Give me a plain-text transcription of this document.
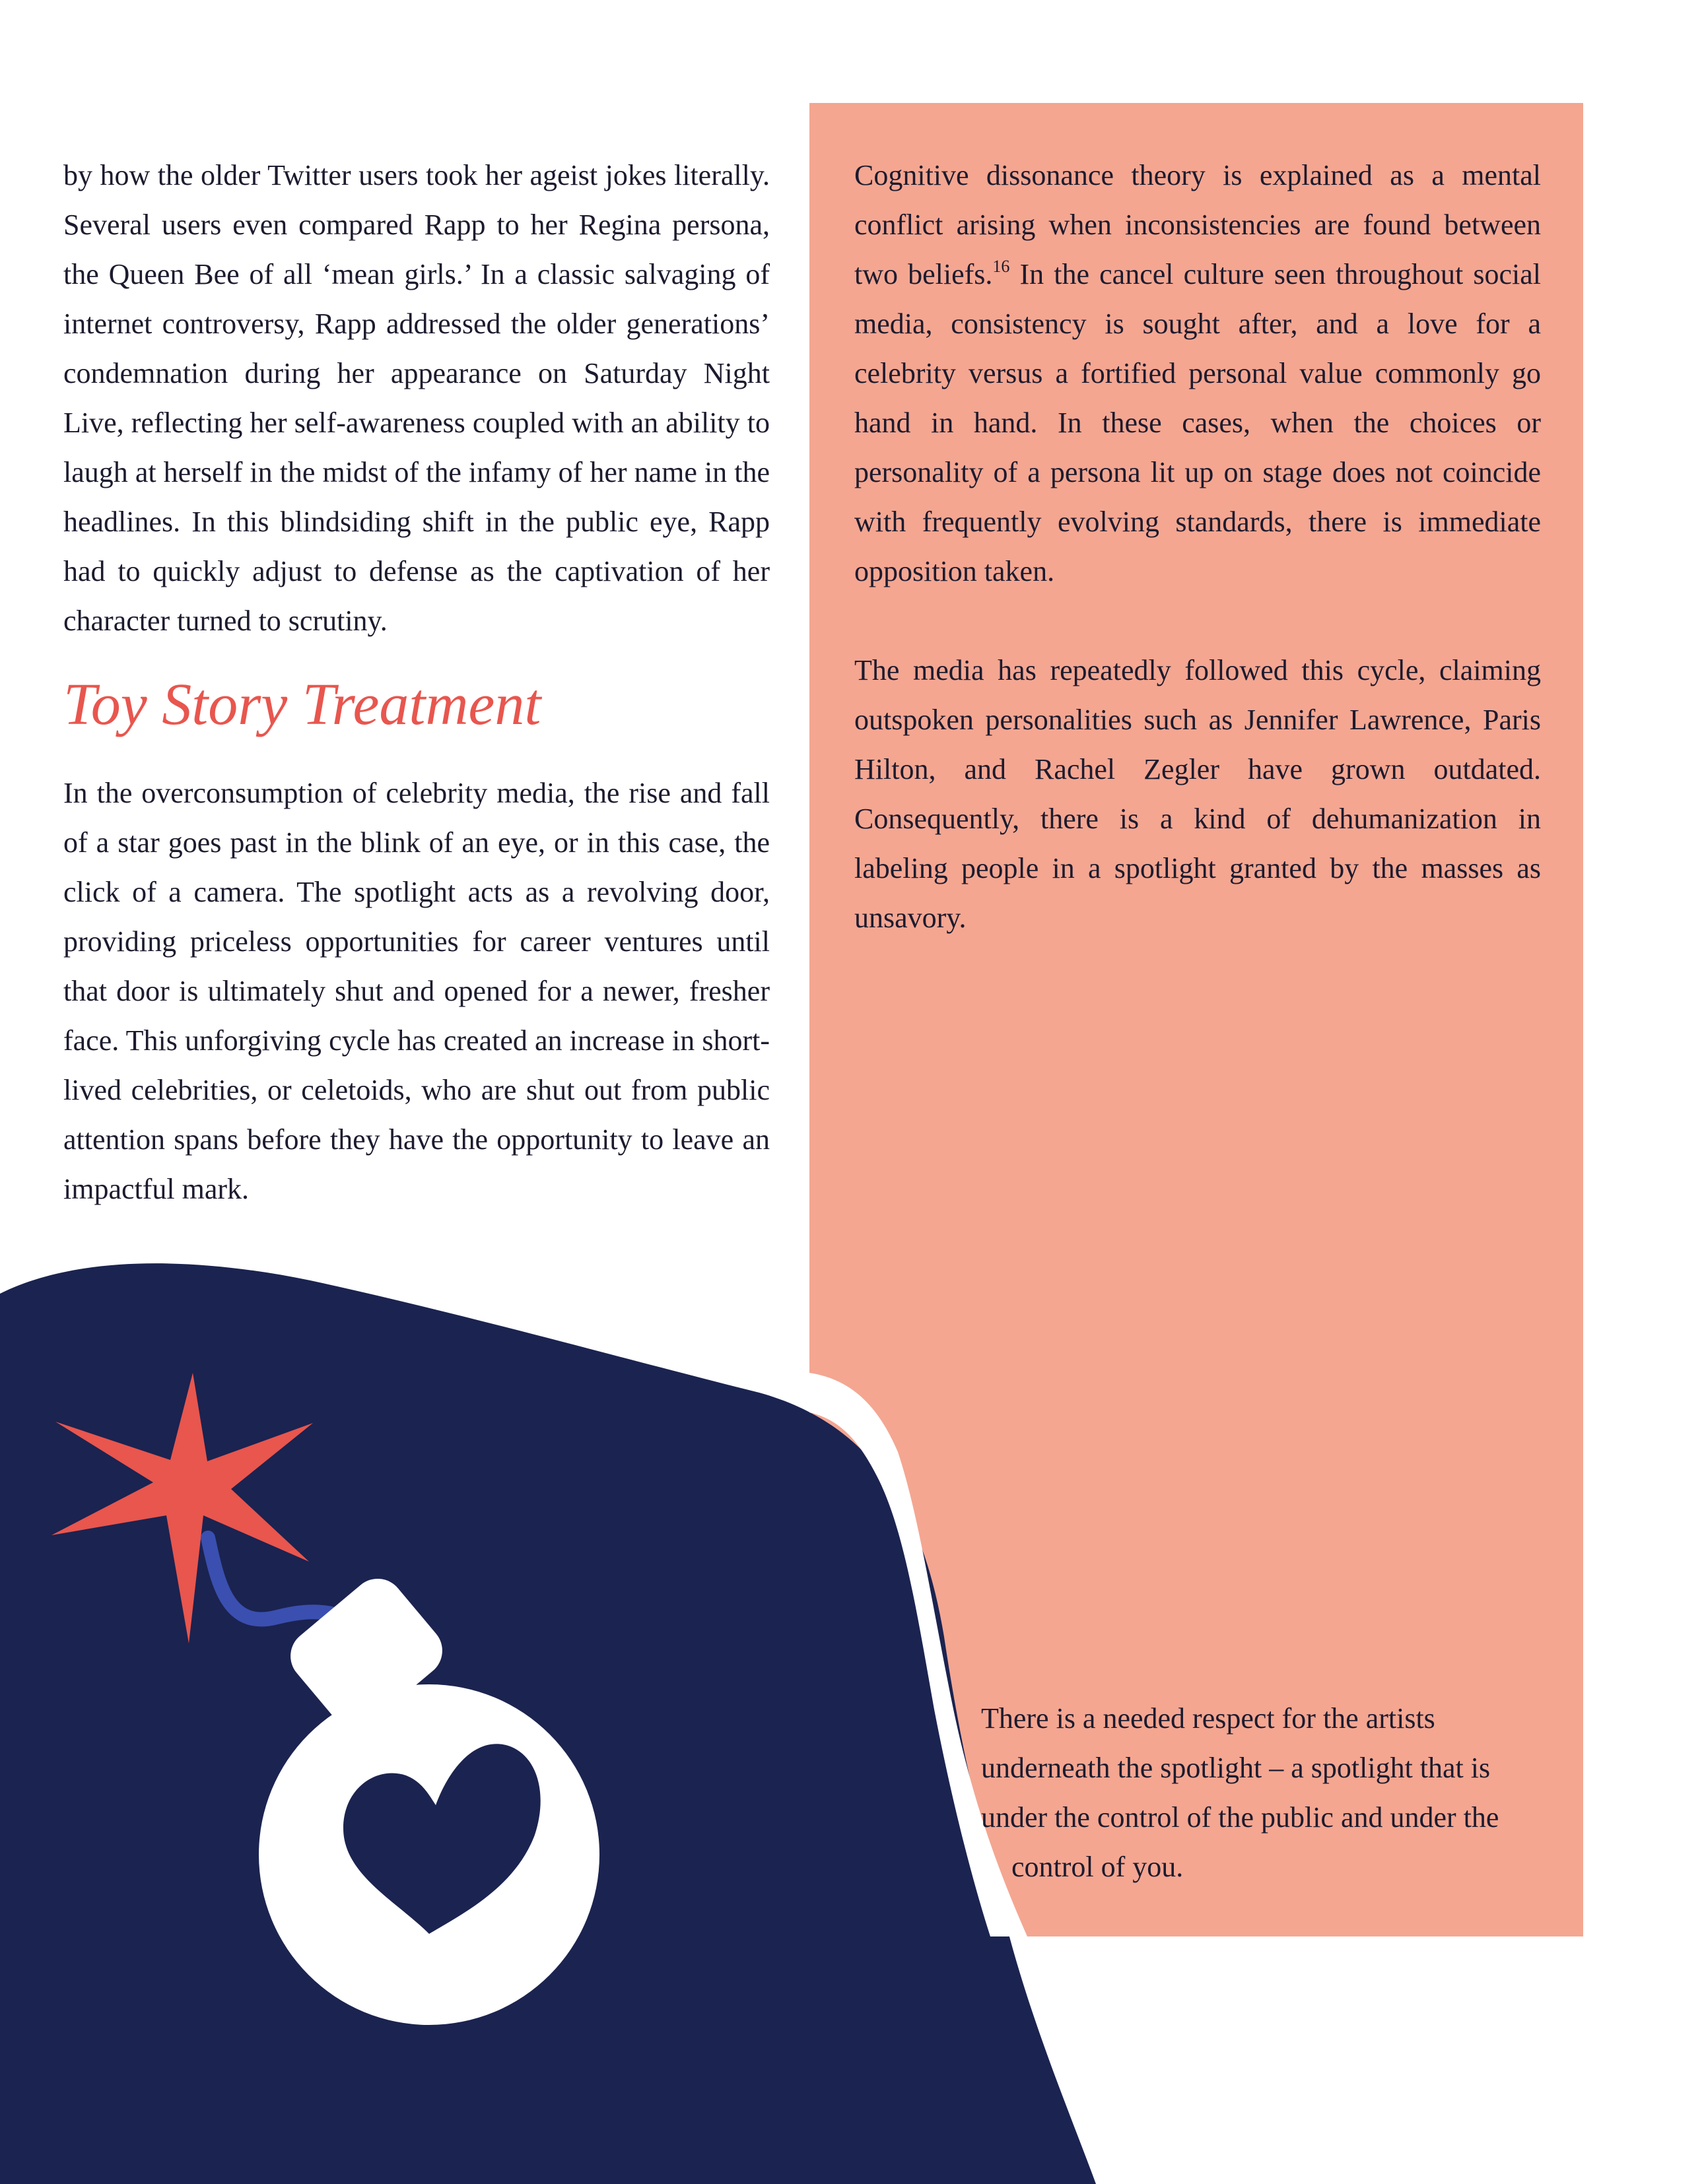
by how the older Twitter users took her ageist jokes literally. Several users even compared Rapp to her Regina persona, the Queen Bee of all ‘mean girls.’ In a classic salvaging of internet controversy, Rapp addressed the older generations’ condemnation during her appearance on Saturday Night Live, reflecting her self-awareness coupled with an ability to laugh at herself in the midst of the infamy of her name in the headlines. In this blindsiding shift in the public eye, Rapp had to quickly adjust to defense as the captivation of her character turned to scrutiny.

Toy Story Treatment

In the overconsumption of celebrity media, the rise and fall of a star goes past in the blink of an eye, or in this case, the click of a camera. The spotlight acts as a revolving door, providing priceless opportunities for career ventures until that door is ultimately shut and opened for a newer, fresher face. This unforgiving cycle has created an increase in short-lived celebrities, or celetoids, who are shut out from public attention spans before they have the opportunity to leave an impactful mark.

Cognitive dissonance theory is explained as a mental conflict arising when inconsistencies are found between two beliefs.$^{16}$ In the cancel culture seen throughout social media, consistency is sought after, and a love for a celebrity versus a fortified personal value commonly go hand in hand. In these cases, when the choices or personality of a persona lit up on stage does not coincide with frequently evolving standards, there is immediate opposition taken.

The media has repeatedly followed this cycle, claiming outspoken personalities such as Jennifer Lawrence, Paris Hilton, and Rachel Zegler have grown outdated. Consequently, there is a kind of dehumanization in labeling people in a spotlight granted by the masses as unsavory.

There is a needed respect for the artists
underneath the spotlight – a spotlight that is
under the control of the public and under the
control of you.
